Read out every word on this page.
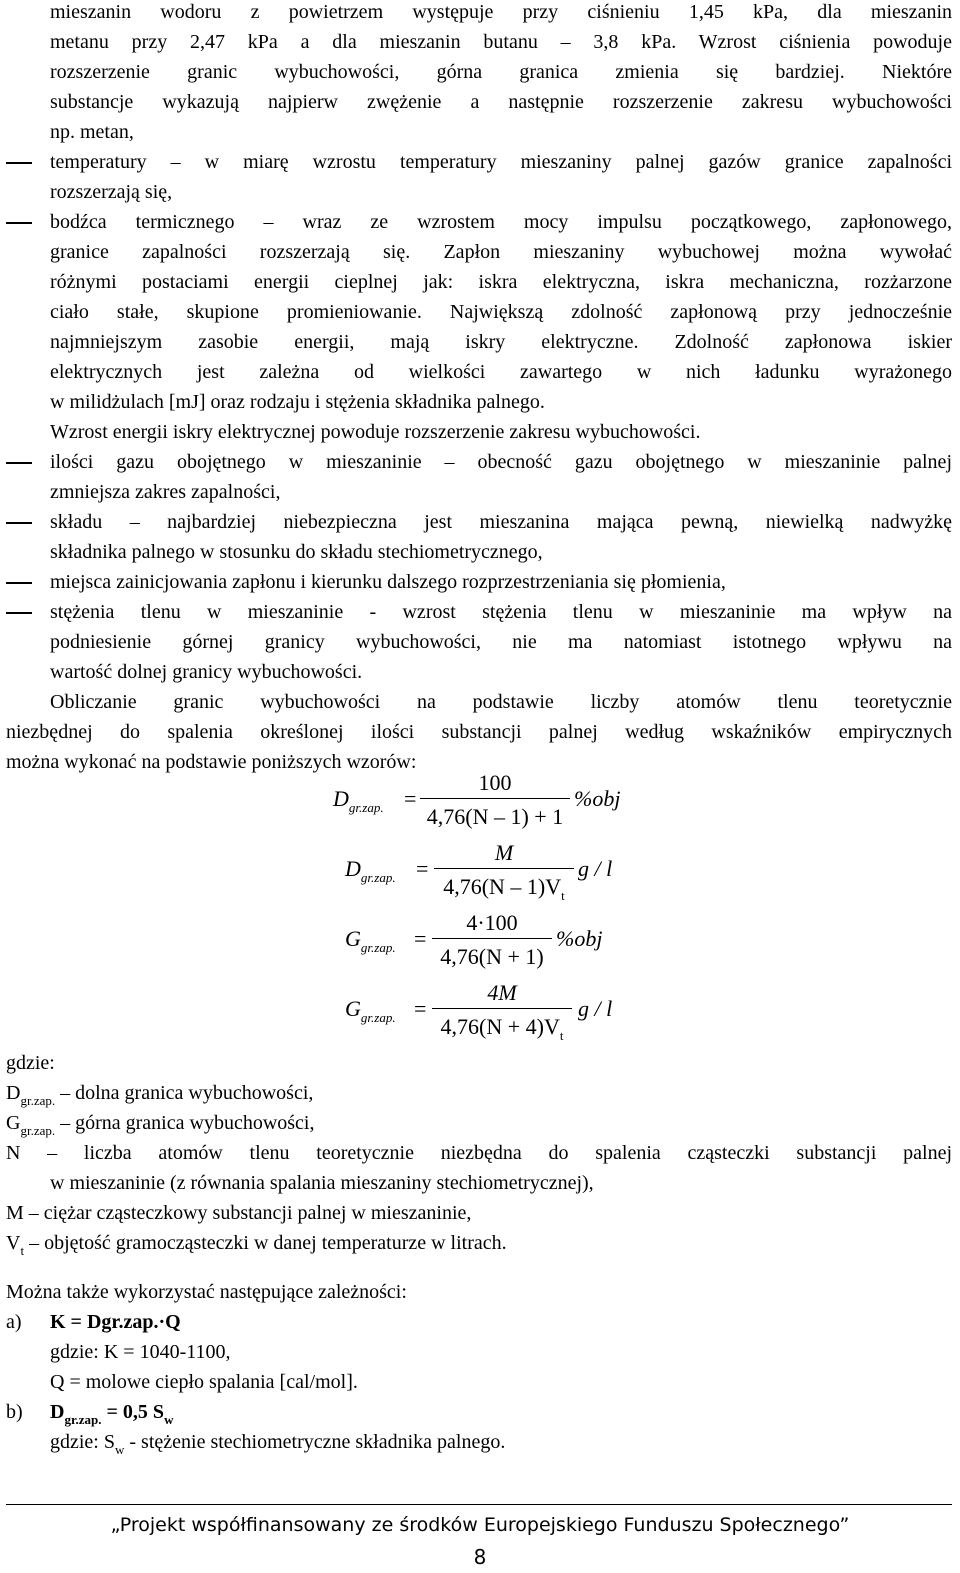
mieszanin wodoru z powietrzem występuje przy ciśnieniu 1,45 kPa, dla mieszanin
metanu przy 2,47 kPa a dla mieszanin butanu – 3,8 kPa. Wzrost ciśnienia powoduje
rozszerzenie granic wybuchowości, górna granica zmienia się bardziej. Niektóre
substancje wykazują najpierw zwężenie a następnie rozszerzenie zakresu wybuchowości
np. metan,
temperatury – w miarę wzrostu temperatury mieszaniny palnej gazów granice zapalności
rozszerzają się,
bodźca termicznego – wraz ze wzrostem mocy impulsu początkowego, zapłonowego,
granice zapalności rozszerzają się. Zapłon mieszaniny wybuchowej można wywołać
różnymi postaciami energii cieplnej jak: iskra elektryczna, iskra mechaniczna, rozżarzone
ciało stałe, skupione promieniowanie. Największą zdolność zapłonową przy jednocześnie
najmniejszym zasobie energii, mają iskry elektryczne. Zdolność zapłonowa iskier
elektrycznych jest zależna od wielkości zawartego w nich ładunku wyrażonego
w milidżulach [mJ] oraz rodzaju i stężenia składnika palnego.
Wzrost energii iskry elektrycznej powoduje rozszerzenie zakresu wybuchowości.
ilości gazu obojętnego w mieszaninie – obecność gazu obojętnego w mieszaninie palnej
zmniejsza zakres zapalności,
składu – najbardziej niebezpieczna jest mieszanina mająca pewną, niewielką nadwyżkę
składnika palnego w stosunku do składu stechiometrycznego,
miejsca zainicjowania zapłonu i kierunku dalszego rozprzestrzeniania się płomienia,
stężenia tlenu w mieszaninie - wzrost stężenia tlenu w mieszaninie ma wpływ na
podniesienie górnej granicy wybuchowości, nie ma natomiast istotnego wpływu na
wartość dolnej granicy wybuchowości.
Obliczanie granic wybuchowości na podstawie liczby atomów tlenu teoretycznie
niezbędnej do spalenia określonej ilości substancji palnej według wskaźników empirycznych
można wykonać na podstawie poniższych wzorów:
$D_{gr.zap.}$ =
100
4,76(N – 1) + 1
%obj
$D_{gr.zap.}$ =
M
$4,76(N - 1)V_t$
g / l
$G_{gr.zap.}$ =
4·100
4,76(N + 1)
%obj
$G_{gr.zap.}$ =
4M
$4,76(N + 4)V_t$
g / l
gdzie:
$D_{gr.zap.}$ – dolna granica wybuchowości,
$G_{gr.zap.}$ – górna granica wybuchowości,
N – liczba atomów tlenu teoretycznie niezbędna do spalenia cząsteczki substancji palnej
w mieszaninie (z równania spalania mieszaniny stechiometrycznej),
M – ciężar cząsteczkowy substancji palnej w mieszaninie,
$V_t$ – objętość gramocząsteczki w danej temperaturze w litrach.
Można także wykorzystać następujące zależności:
a) K = Dgr.zap.·Q
gdzie: K = 1040-1100,
Q = molowe ciepło spalania [cal/mol].
b) $D_{gr.zap.} = 0,5$ $S_w$
gdzie: $S_w$ - stężenie stechiometryczne składnika palnego.
„Projekt współfinansowany ze środków Europejskiego Funduszu Społecznego”
8
